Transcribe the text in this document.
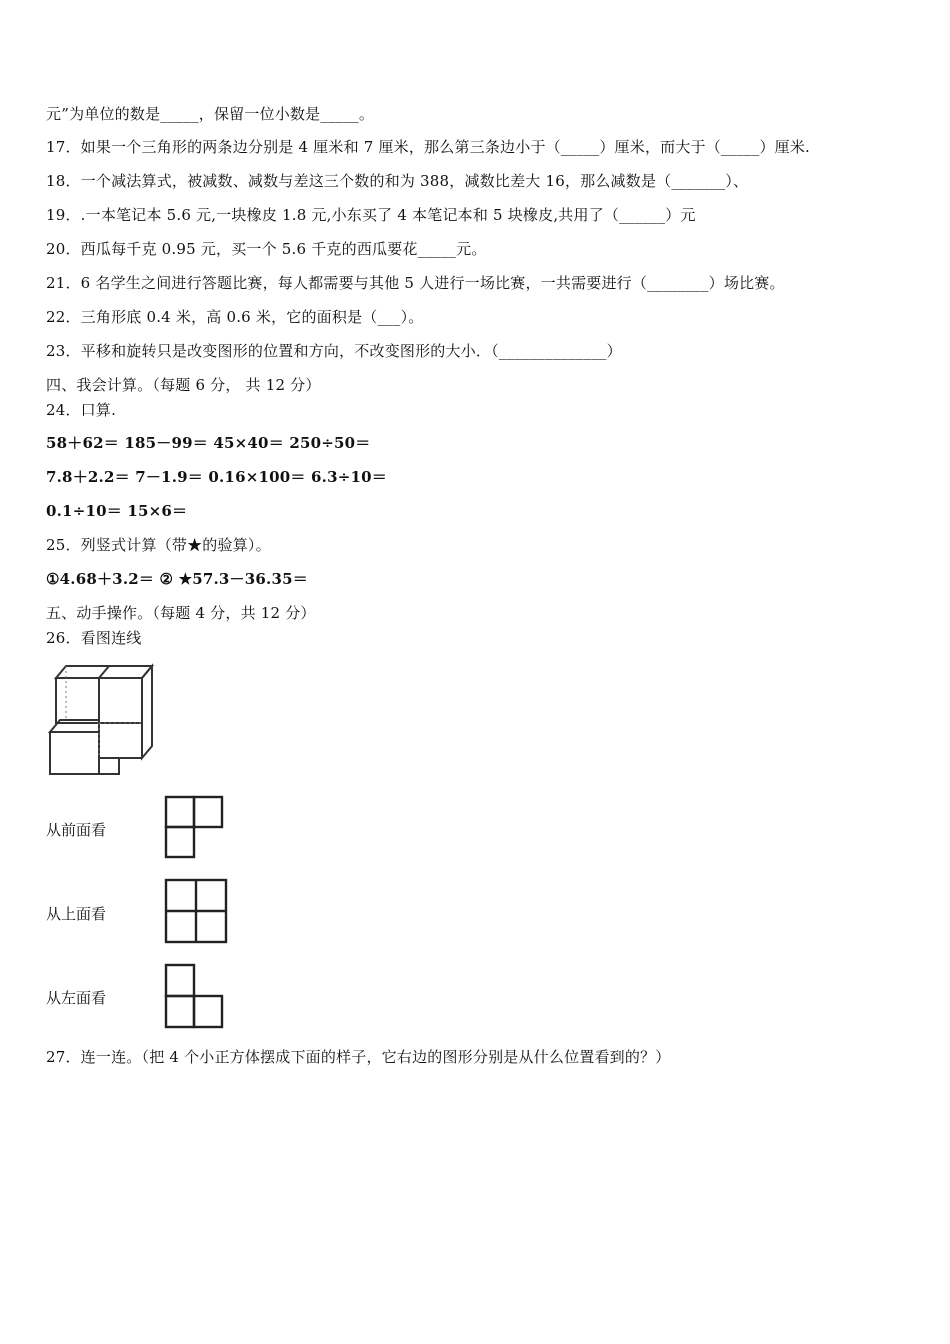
元”为单位的数是_____，保留一位小数是_____。
17．如果一个三角形的两条边分别是 4 厘米和 7 厘米，那么第三条边小于（_____）厘米，而大于（_____）厘米.
18．一个减法算式，被减数、减数与差这三个数的和为 388，减数比差大 16，那么减数是（_______）、
19．.一本笔记本 5.6 元,一块橡皮 1.8 元,小东买了 4 本笔记本和 5 块橡皮,共用了（______）元
20．西瓜每千克 0.95 元，买一个 5.6 千克的西瓜要花_____元。
21．6 名学生之间进行答题比赛，每人都需要与其他 5 人进行一场比赛，一共需要进行（________）场比赛。
22．三角形底 0.4 米，高 0.6 米，它的面积是（___）。
23．平移和旋转只是改变图形的位置和方向，不改变图形的大小．（______________）
四、我会计算。（每题 6 分， 共 12 分）
24．口算.
58＋62＝ 185－99＝ 45×40＝ 250÷50＝
7.8＋2.2＝ 7－1.9＝ 0.16×100＝ 6.3÷10＝
0.1÷10＝ 15×6＝
25．列竖式计算（带★的验算）。
①4.68＋3.2＝ ② ★57.3－36.35＝
五、动手操作。（每题 4 分，共 12 分）
26．看图连线
从前面看
从上面看
从左面看
27．连一连。（把 4 个小正方体摆成下面的样子，它右边的图形分别是从什么位置看到的？）
